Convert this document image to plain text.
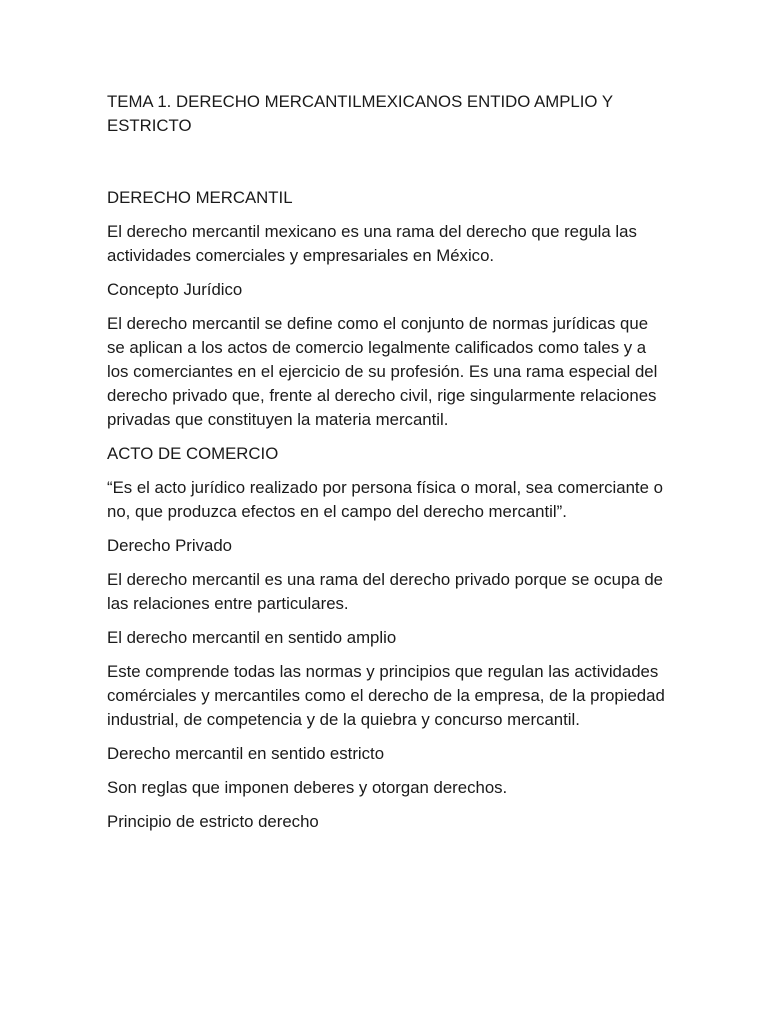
TEMA 1. DERECHO MERCANTILMEXICANOS ENTIDO AMPLIO Y ESTRICTO

DERECHO MERCANTIL

El derecho mercantil mexicano es una rama del derecho que regula las actividades comerciales y empresariales en México.

Concepto Jurídico

El derecho mercantil se define como el conjunto de normas jurídicas que se aplican a los actos de comercio legalmente calificados como tales y a los comerciantes en el ejercicio de su profesión. Es una rama especial del derecho privado que, frente al derecho civil, rige singularmente relaciones privadas que constituyen la materia mercantil.

ACTO DE COMERCIO

“Es el acto jurídico realizado por persona física o moral, sea comerciante o no, que produzca efectos en el campo del derecho mercantil”.

Derecho Privado

El derecho mercantil es una rama del derecho privado porque se ocupa de las relaciones entre particulares.

El derecho mercantil en sentido amplio

Este comprende todas las normas y principios que regulan las actividades comérciales y mercantiles como el derecho de la empresa, de la propiedad industrial, de competencia y de la quiebra y concurso mercantil.

Derecho mercantil en sentido estricto

Son reglas que imponen deberes y otorgan derechos.

Principio de estricto derecho
